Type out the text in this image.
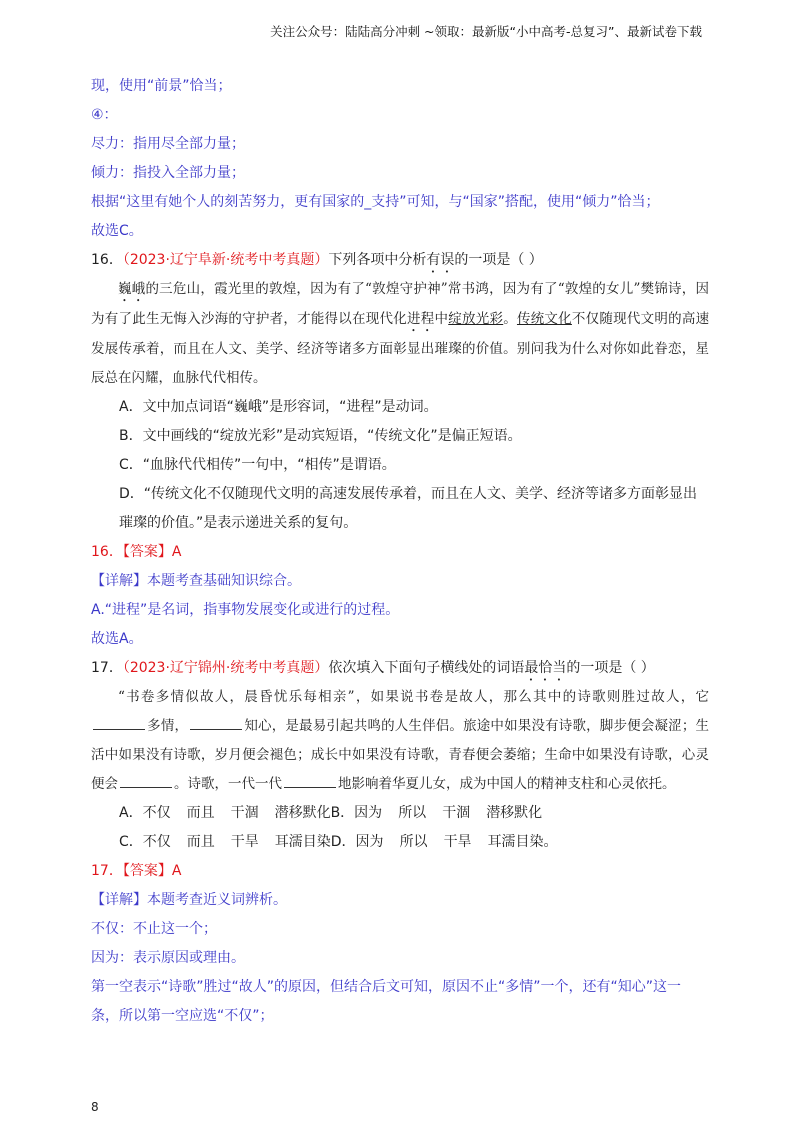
关注公众号：陆陆高分冲刺 ~领取：最新版“小中高考-总复习”、最新试卷下载
现，使用“前景”恰当；
④：
尽力：指用尽全部力量；
倾力：指投入全部力量；
根据“这里有她个人的刻苦努力，更有国家的_支持”可知，与“国家”搭配，使用“倾力”恰当；
故选C。
16．（2023·辽宁阜新·统考中考真题）下列各项中分析有误的一项是（ ）

巍峨的三危山，霞光里的敦煌，因为有了“敦煌守护神”常书鸿，因为有了“敦煌的女儿”樊锦诗，因为有了此生无悔入沙海的守护者，才能得以在现代化进程中绽放光彩。传统文化不仅随现代文明的高速发展传承着，而且在人文、美学、经济等诸多方面彰显出璀璨的价值。别问我为什么对你如此眷恋，星辰总在闪耀，血脉代代相传。

A．文中加点词语“巍峨”是形容词，“进程”是动词。
B．文中画线的“绽放光彩”是动宾短语，“传统文化”是偏正短语。
C．“血脉代代相传”一句中，“相传”是谓语。
D．“传统文化不仅随现代文明的高速发展传承着，而且在人文、美学、经济等诸多方面彰显出璀璨的价值。”是表示递进关系的复句。
16．【答案】A
【详解】本题考查基础知识综合。
A.“进程”是名词，指事物发展变化或进行的过程。
故选A。
17．（2023·辽宁锦州·统考中考真题）依次填入下面句子横线处的词语最恰当的一项是（ ）

“书卷多情似故人，晨昏忧乐每相亲”，如果说书卷是故人，那么其中的诗歌则胜过故人，它多情，	知心，是最易引起共鸣的人生伴侣。旅途中如果没有诗歌，脚步便会凝涩；生活中如果没有诗歌，岁月便会褪色；成长中如果没有诗歌，青春便会萎缩；生命中如果没有诗歌，心灵便会	。诗歌，一代一代	地影响着华夏儿女，成为中国人的精神支柱和心灵依托。

A．不仅 而且 干涸 潜移默化B．因为 所以 干涸 潜移默化
C．不仅 而且 干旱 耳濡目染D．因为 所以 干旱 耳濡目染。
17．【答案】A
【详解】本题考查近义词辨析。
不仅：不止这一个；
因为：表示原因或理由。

第一空表示“诗歌”胜过“故人”的原因，但结合后文可知，原因不止“多情”一个，还有“知心”这一条，所以第一空应选“不仅”；

8
